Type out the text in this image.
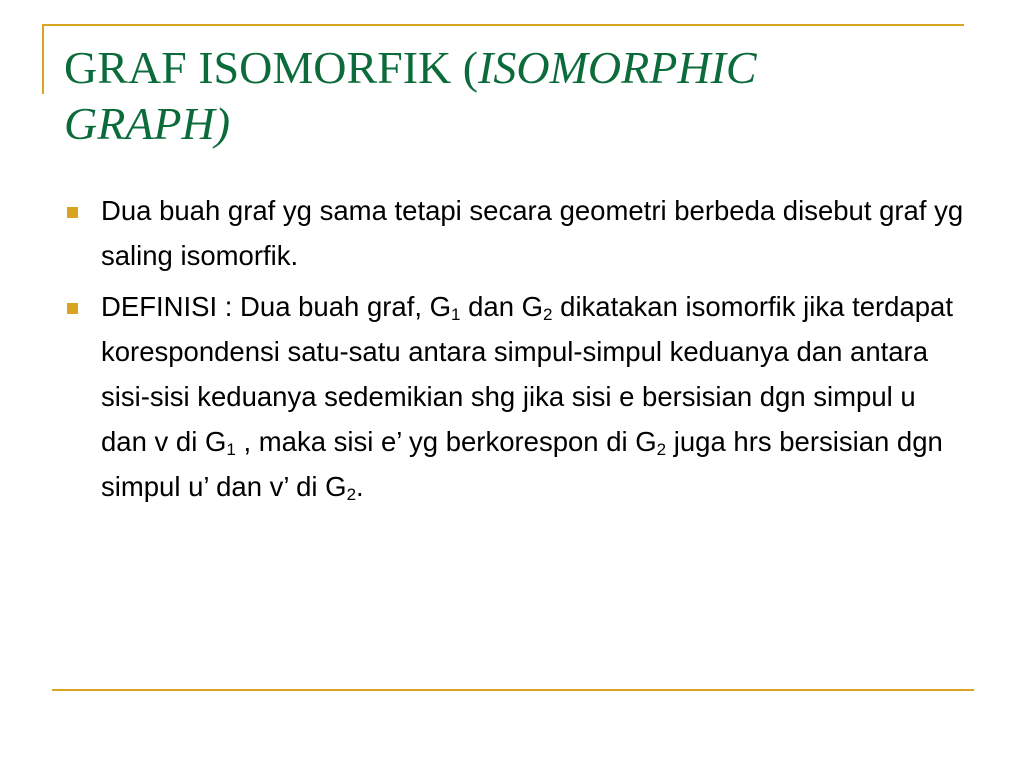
GRAF ISOMORFIK (ISOMORPHIC GRAPH)
Dua buah graf yg sama tetapi secara geometri berbeda disebut graf yg saling isomorfik.
DEFINISI : Dua buah graf, $G_1$ dan $G_2$ dikatakan isomorfik jika terdapat korespondensi satu-satu antara simpul-simpul keduanya dan antara sisi-sisi keduanya sedemikian shg jika sisi e bersisian dgn simpul u dan v di $G_1$ , maka sisi e’ yg berkorespon di $G_2$ juga hrs bersisian dgn simpul u’ dan v’ di $G_2$.
